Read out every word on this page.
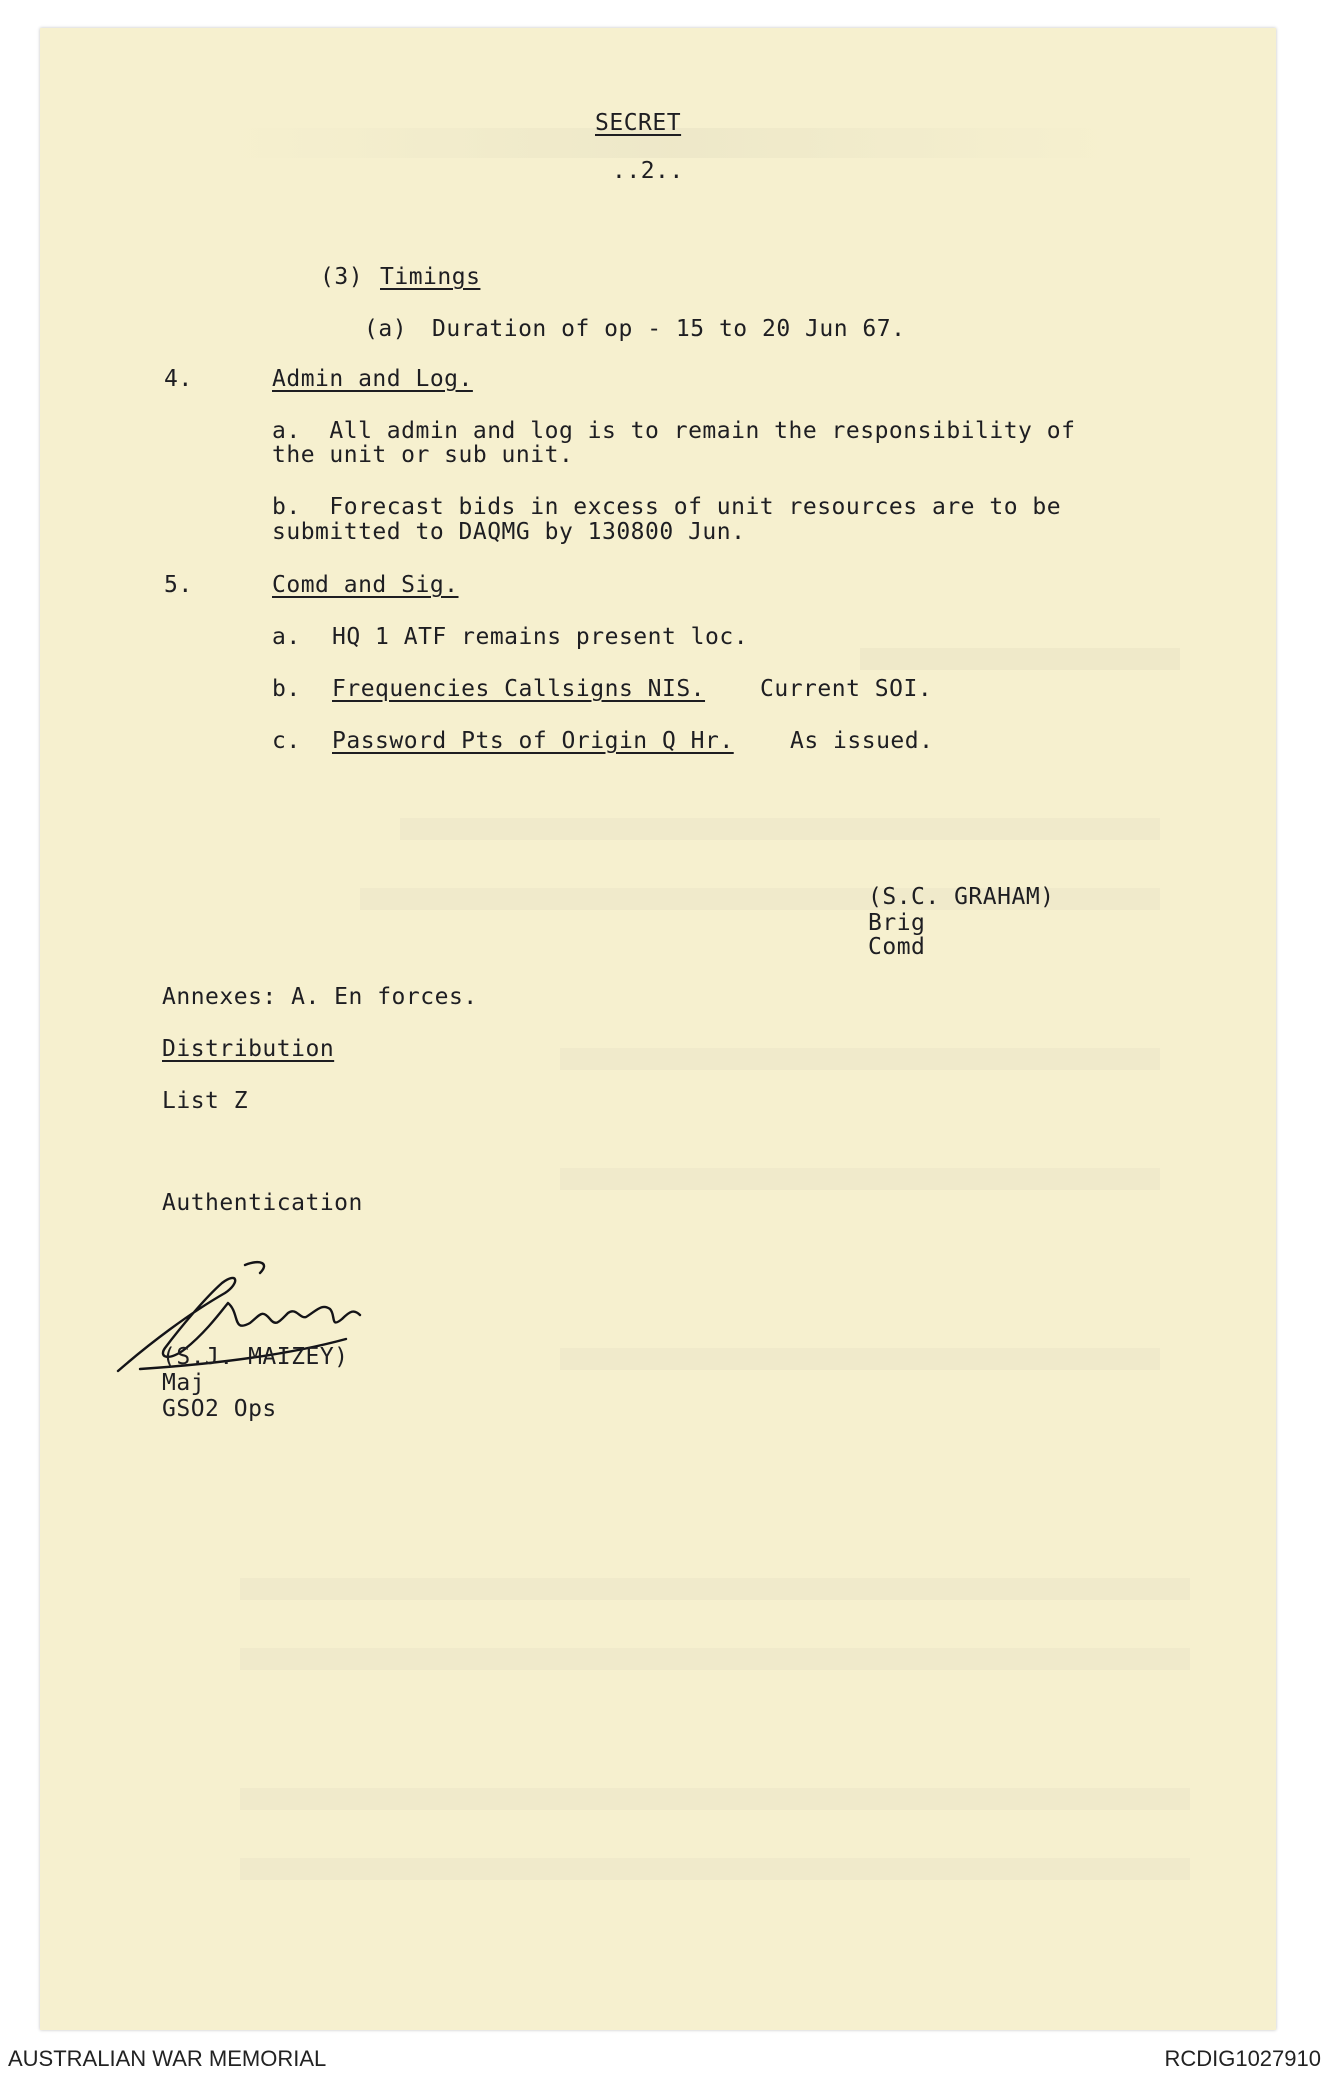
SECRET
..2..
(3) Timings
(a) Duration of op - 15 to 20 Jun 67.
4.	Admin and Log.
a.  All admin and log is to remain the responsibility of
the unit or sub unit.
b.  Forecast bids in excess of unit resources are to be
submitted to DAQMG by 130800 Jun.
5.	Comd and Sig.
a. HQ 1 ATF remains present loc.
b. Frequencies Callsigns NIS. Current SOI.
c. Password Pts of Origin Q Hr. As issued.
(S.C. GRAHAM)
Brig
Comd
Annexes: A. En forces.
Distribution
List Z
Authentication
(S.J. MAIZEY)
Maj
GSO2 Ops
AUSTRALIAN WAR MEMORIAL	RCDIG1027910
